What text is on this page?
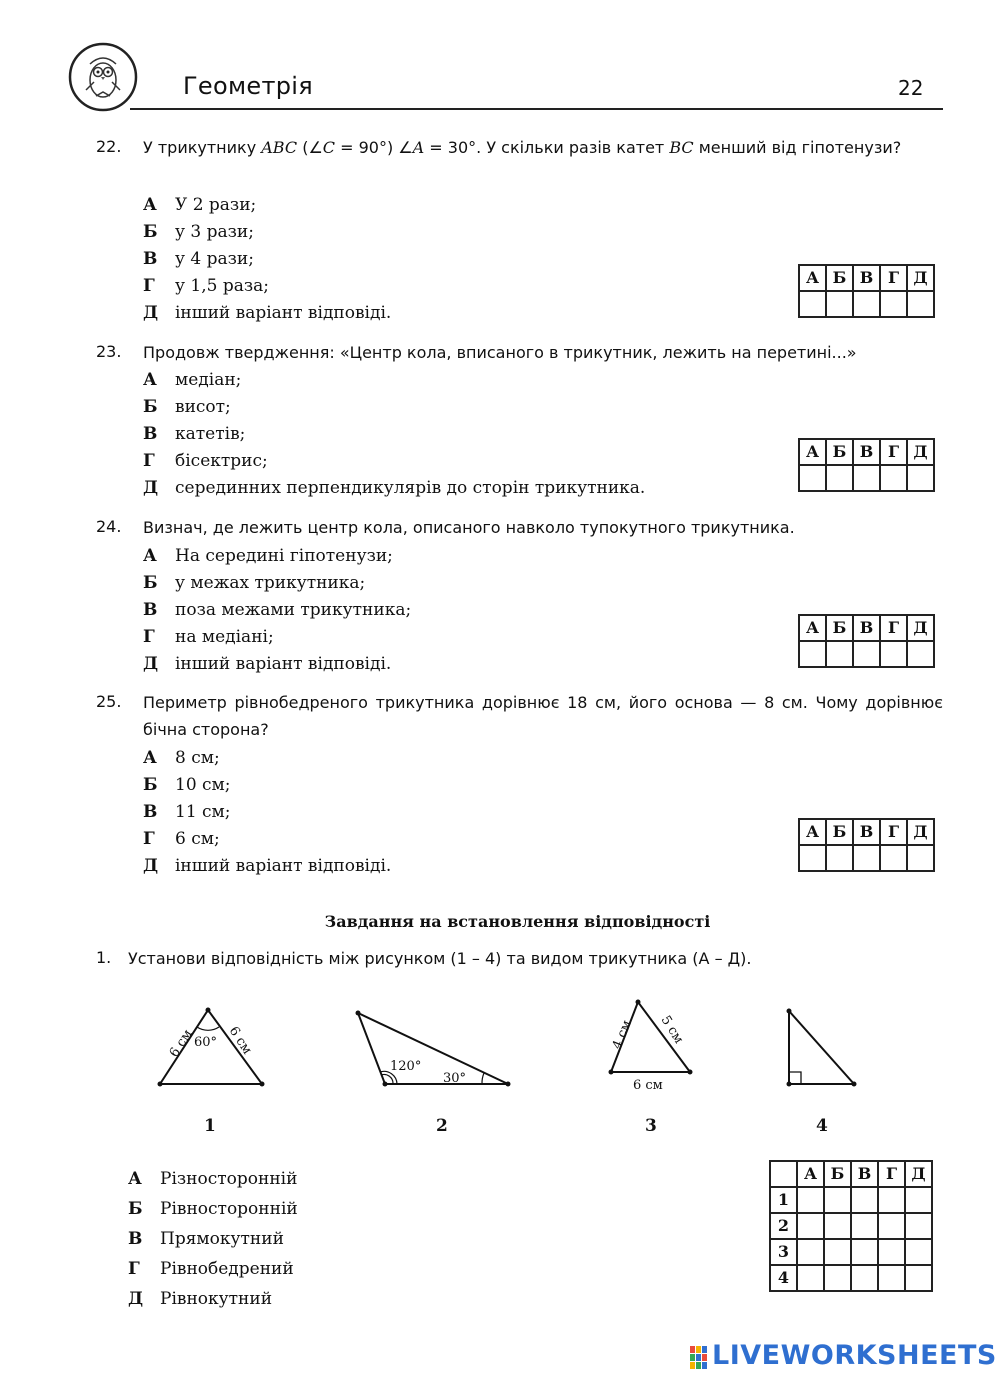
Геометрія	22
22. У трикутнику ABC (∠C = 90°) ∠A = 30°. У скільки разів катет BC менший від гіпотенузи?
А У 2 рази;
Б у 3 рази;
В у 4 рази;
Г у 1,5 раза;
Д інший варіант відповіді.
А	Б	В	Г	Д

23. Продовж твердження: «Центр кола, вписаного в трикутник, лежить на перетині...»
А медіан;
Б висот;
В катетів;
Г бісектрис;
Д серединних перпендикулярів до сторін трикутника.
А	Б	В	Г	Д

24. Визнач, де лежить центр кола, описаного навколо тупокутного трикутника.
А На середині гіпотенузи;
Б у межах трикутника;
В поза межами трикутника;
Г на медіані;
Д інший варіант відповіді.
А	Б	В	Г	Д

25. Периметр рівнобедреного трикутника дорівнює 18 см, його основа — 8 см. Чому дорівнює бічна сторона?
А 8 см;
Б 10 см;
В 11 см;
Г 6 см;
Д інший варіант відповіді.
А	Б	В	Г	Д

Завдання на встановлення відповідності
1. Установи відповідність між рисунком (1 – 4) та видом трикутника (А – Д).
60°
6 см 6 см
120°
30°
4 см 5 см
6 см
1	2	3	4
А Різносторонній
Б Рівносторонній
В Прямокутний
Г Рівнобедрений
Д Рівнокутний
	А	Б	В	Г	Д
1					
2					
3					
4					
LIVEWORKSHEETS
